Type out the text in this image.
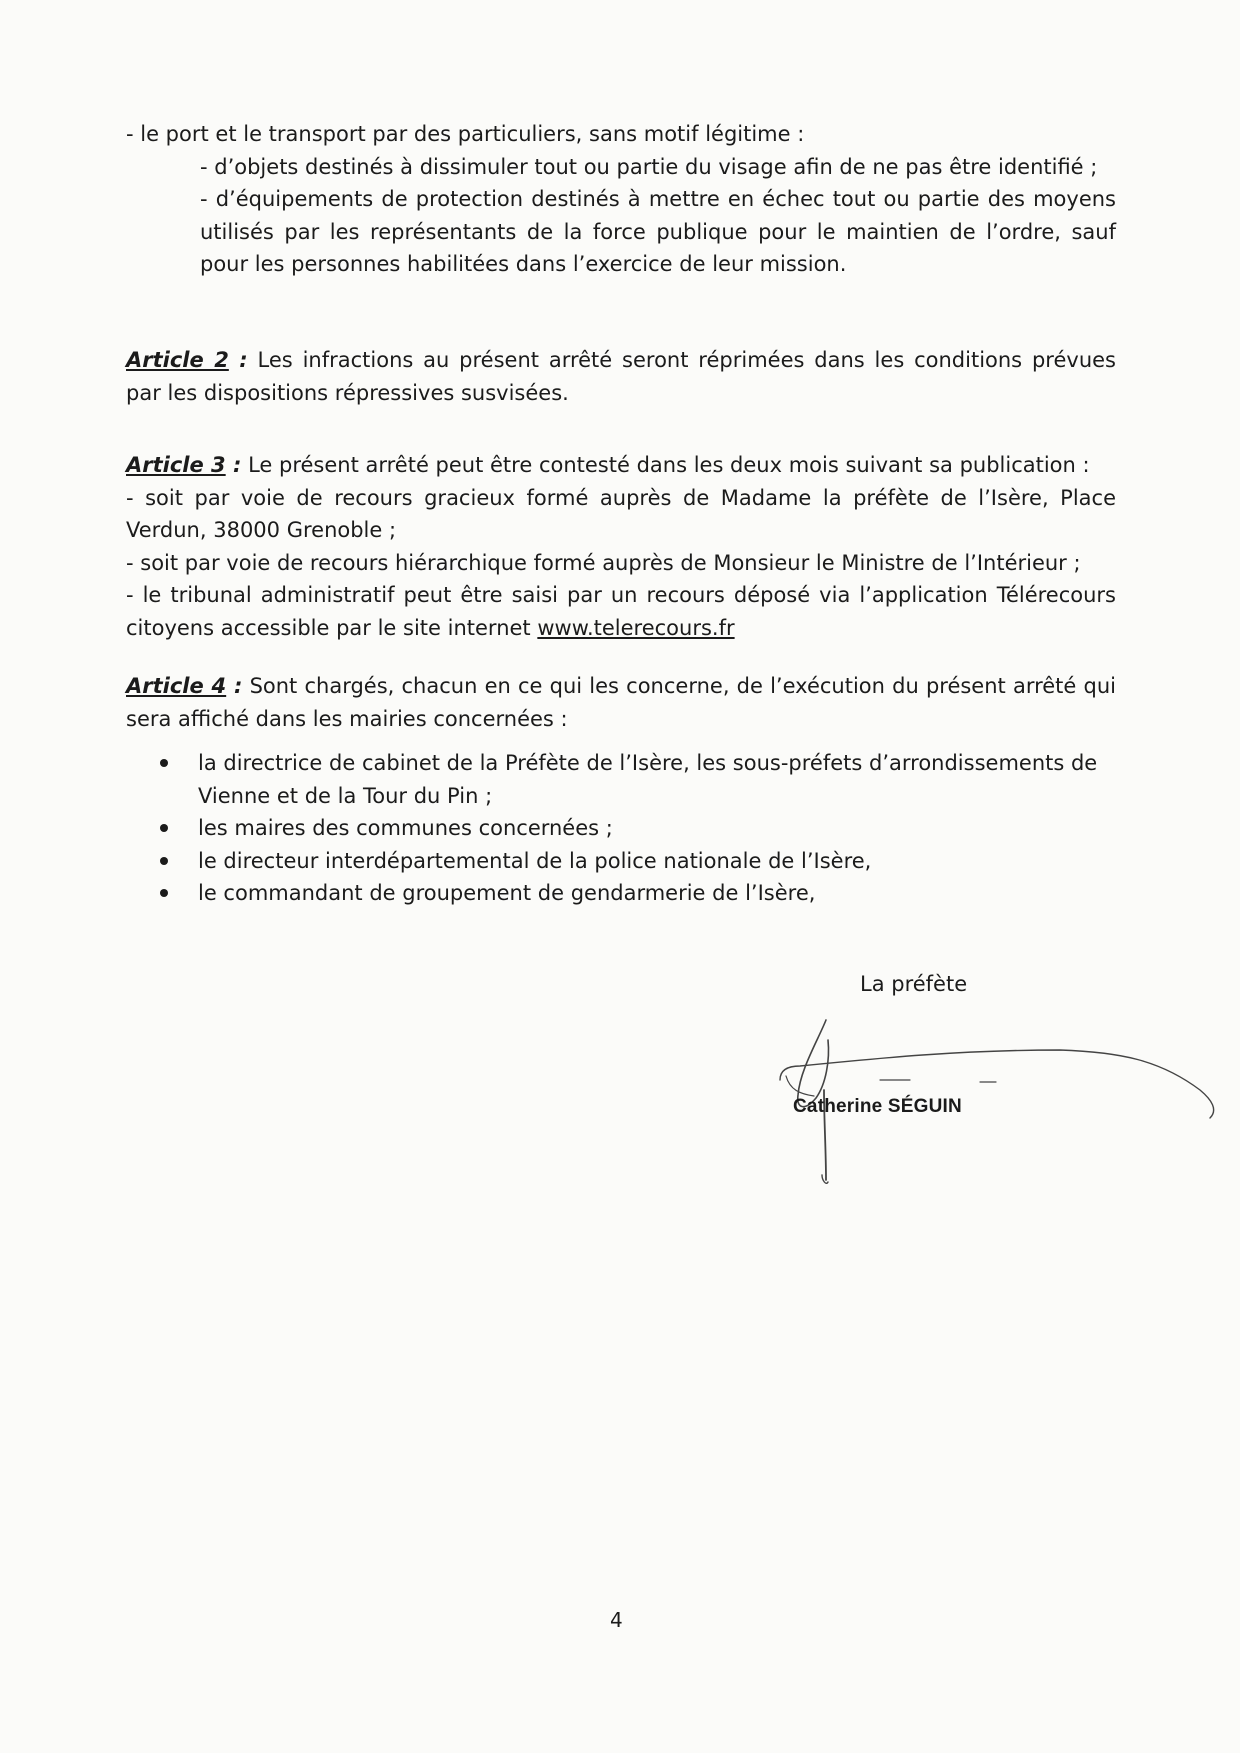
- le port et le transport par des particuliers, sans motif légitime :
- d’objets destinés à dissimuler tout ou partie du visage afin de ne pas être identifié ;
- d’équipements de protection destinés à mettre en échec tout ou partie des moyens utilisés par les représentants de la force publique pour le maintien de l’ordre, sauf pour les personnes habilitées dans l’exercice de leur mission.
Article 2 : Les infractions au présent arrêté seront réprimées dans les conditions prévues par les dispositions répressives susvisées.
Article 3 : Le présent arrêté peut être contesté dans les deux mois suivant sa publication :
- soit par voie de recours gracieux formé auprès de Madame la préfète de l’Isère, Place Verdun, 38000 Grenoble ;
- soit par voie de recours hiérarchique formé auprès de Monsieur le Ministre de l’Intérieur ;
- le tribunal administratif peut être saisi par un recours déposé via l’application Télérecours citoyens accessible par le site internet www.telerecours.fr
Article 4 : Sont chargés, chacun en ce qui les concerne, de l’exécution du présent arrêté qui sera affiché dans les mairies concernées :
la directrice de cabinet de la Préfète de l’Isère, les sous-préfets d’arrondissements de Vienne et de la Tour du Pin ;
les maires des communes concernées ;
le directeur interdépartemental de la police nationale de l’Isère,
le commandant de groupement de gendarmerie de l’Isère,
La préfète
Catherine SÉGUIN
4
